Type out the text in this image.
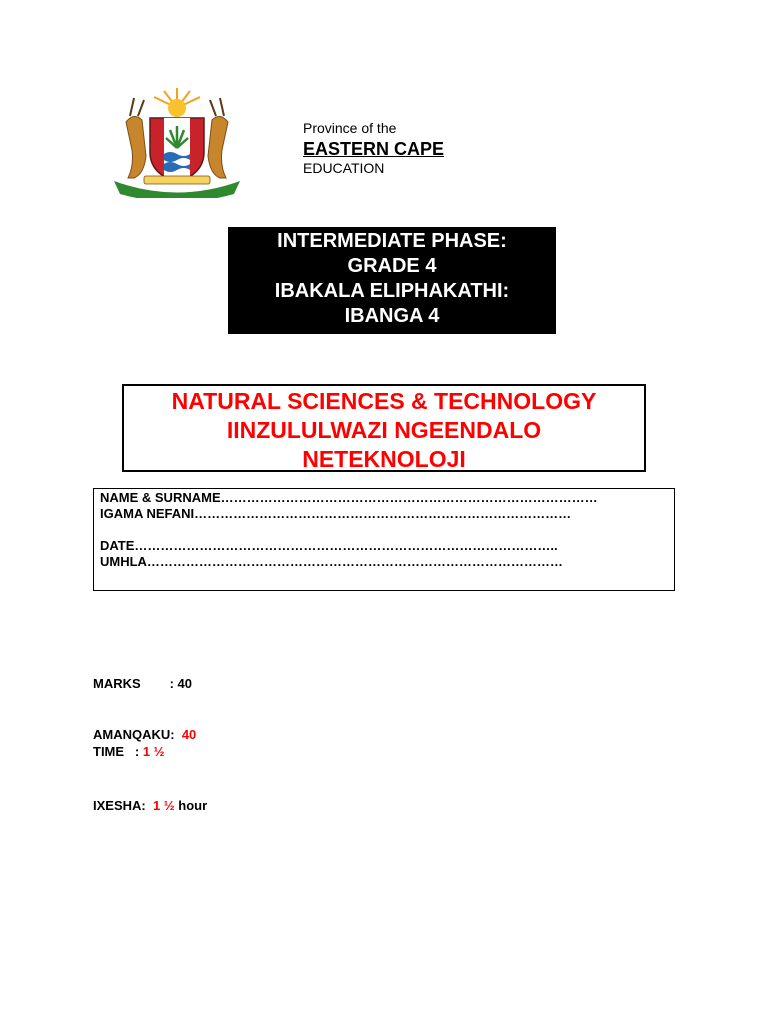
Province of the
EASTERN CAPE
EDUCATION
INTERMEDIATE PHASE:
GRADE 4
IBAKALA ELIPHAKATHI:
IBANGA 4
NATURAL SCIENCES & TECHNOLOGY
IINZULULWAZI NGEENDALO
NETEKNOLOJI
NAME & SURNAME……………………………………………………………………………
IGAMA NEFANI……………………………………………………………………………
DATE……………………………………………………………………………………..
UMHLA……………………………………………………………………………………

MARKS        : 40

AMANQAKU:  40

TIME   : 1 ½

IXESHA:  1 ½ hour
